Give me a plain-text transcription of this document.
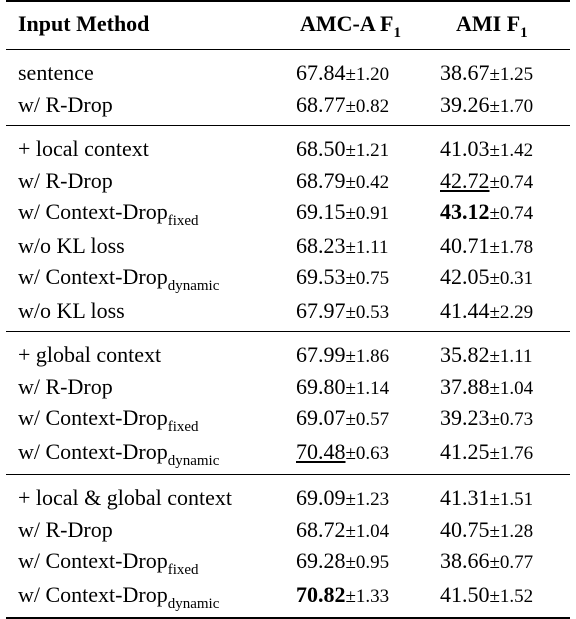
Input Method	AMC-A $F_1$	AMI $F_1$
sentence	67.84±1.20	38.67±1.25
w/ R-Drop	68.77±0.82	39.26±1.70
+ local context	68.50±1.21	41.03±1.42
w/ R-Drop	68.79±0.42	42.72±0.74
w/ Context-Drop$_{fixed}$	69.15±0.91	43.12±0.74
w/o KL loss	68.23±1.11	40.71±1.78
w/ Context-Drop$_{dynamic}$	69.53±0.75	42.05±0.31
w/o KL loss	67.97±0.53	41.44±2.29
+ global context	67.99±1.86	35.82±1.11
w/ R-Drop	69.80±1.14	37.88±1.04
w/ Context-Drop$_{fixed}$	69.07±0.57	39.23±0.73
w/ Context-Drop$_{dynamic}$	70.48±0.63	41.25±1.76
+ local & global context	69.09±1.23	41.31±1.51
w/ R-Drop	68.72±1.04	40.75±1.28
w/ Context-Drop$_{fixed}$	69.28±0.95	38.66±0.77
w/ Context-Drop$_{dynamic}$	70.82±1.33	41.50±1.52
